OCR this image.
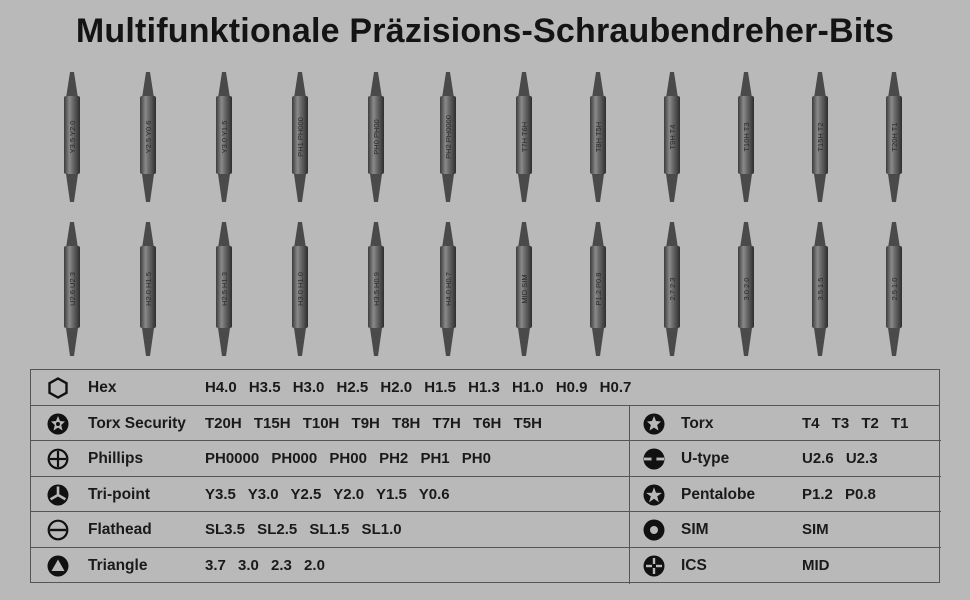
Multifunktionale Präzisions-Schraubendreher-Bits
Y3.5 Y2.0	Y2.5 Y0.6	Y3.0 Y1.5	PH1 PH000	PH0 PH00	PH2 PH0000	T7H T6H	T8H T5H	T9H T4	T10H T3	T15H T2	T20H T1
U2.6 U2.3	H2.0 H1.5	H2.5 H1.3	H3.0 H1.0	H3.5 H0.9	H4.0 H0.7	MID SIM	P1.2 P0.8	2.7 2.3	3.0 2.0	3.5 1.5	2.5 1.0
Hex	H4.0 H3.5 H3.0 H2.5 H2.0 H1.5 H1.3 H1.0 H0.9 H0.7
Torx Security T20H T15H T10H T9H T8H T7H T6H T5H
Phillips	PH0000 PH000 PH00 PH2 PH1 PH0
Tri-point	Y3.5 Y3.0 Y2.5 Y2.0 Y1.5 Y0.6
Flathead	SL3.5 SL2.5 SL1.5 SL1.0
Triangle	3.7 3.0 2.3 2.0
Torx	T4 T3 T2 T1
U-type	U2.6 U2.3
Pentalobe	P1.2 P0.8
SIM	SIM
ICS	MID
